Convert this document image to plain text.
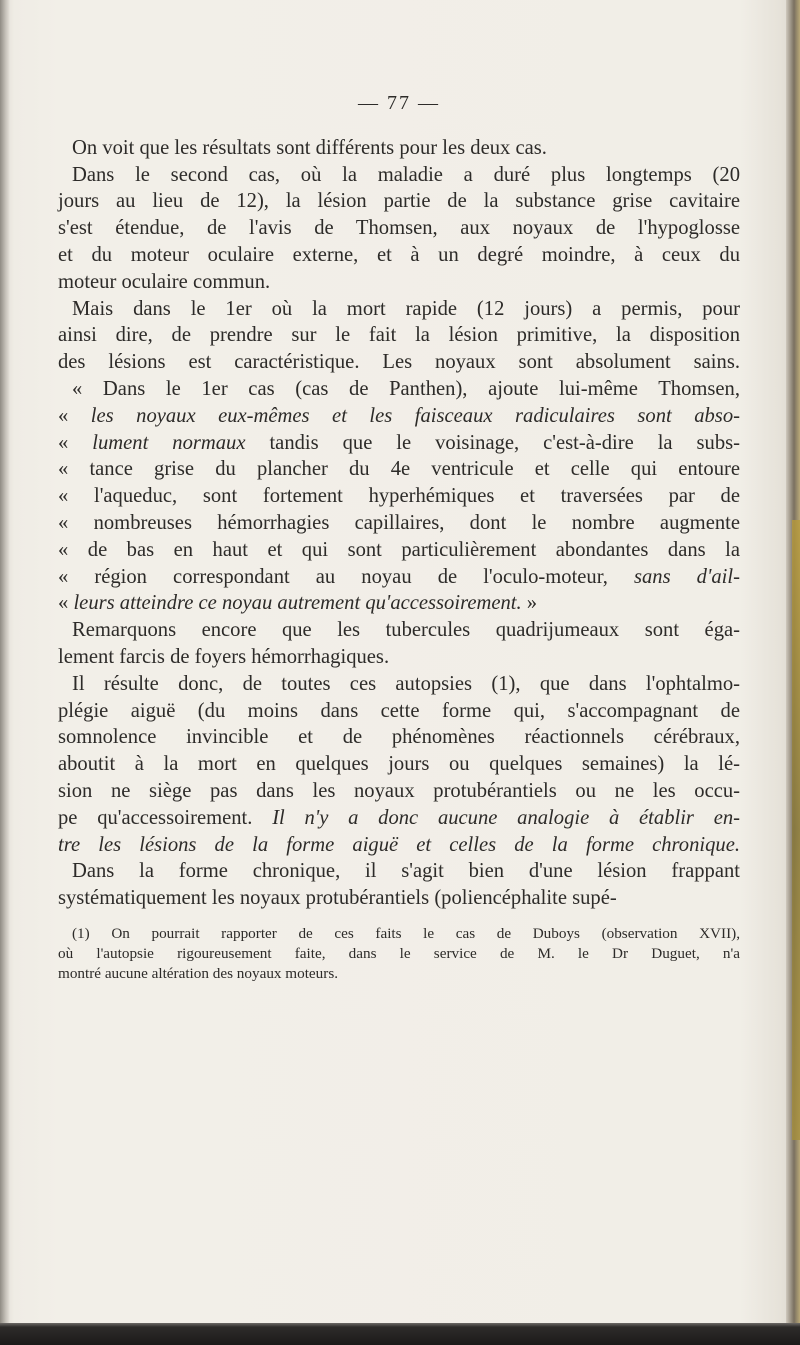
— 77 —
On voit que les résultats sont différents pour les deux cas.
Dans le second cas, où la maladie a duré plus longtemps (20
jours au lieu de 12), la lésion partie de la substance grise cavitaire
s'est étendue, de l'avis de Thomsen, aux noyaux de l'hypoglosse
et du moteur oculaire externe, et à un degré moindre, à ceux du
moteur oculaire commun.
Mais dans le 1er où la mort rapide (12 jours) a permis, pour
ainsi dire, de prendre sur le fait la lésion primitive, la disposition
des lésions est caractéristique. Les noyaux sont absolument sains.
« Dans le 1er cas (cas de Panthen), ajoute lui-même Thomsen,
« les noyaux eux-mêmes et les faisceaux radiculaires sont abso-
« lument normaux tandis que le voisinage, c'est-à-dire la subs-
« tance grise du plancher du 4e ventricule et celle qui entoure
« l'aqueduc, sont fortement hyperhémiques et traversées par de
« nombreuses hémorrhagies capillaires, dont le nombre augmente
« de bas en haut et qui sont particulièrement abondantes dans la
« région correspondant au noyau de l'oculo-moteur, sans d'ail-
« leurs atteindre ce noyau autrement qu'accessoirement. »
Remarquons encore que les tubercules quadrijumeaux sont éga-
lement farcis de foyers hémorrhagiques.
Il résulte donc, de toutes ces autopsies (1), que dans l'ophtalmo-
plégie aiguë (du moins dans cette forme qui, s'accompagnant de
somnolence invincible et de phénomènes réactionnels cérébraux,
aboutit à la mort en quelques jours ou quelques semaines) la lé-
sion ne siège pas dans les noyaux protubérantiels ou ne les occu-
pe qu'accessoirement. Il n'y a donc aucune analogie à établir en-
tre les lésions de la forme aiguë et celles de la forme chronique.
Dans la forme chronique, il s'agit bien d'une lésion frappant
systématiquement les noyaux protubérantiels (poliencéphalite supé-
(1) On pourrait rapporter de ces faits le cas de Duboys (observation XVII),
où l'autopsie rigoureusement faite, dans le service de M. le Dr Duguet, n'a
montré aucune altération des noyaux moteurs.
